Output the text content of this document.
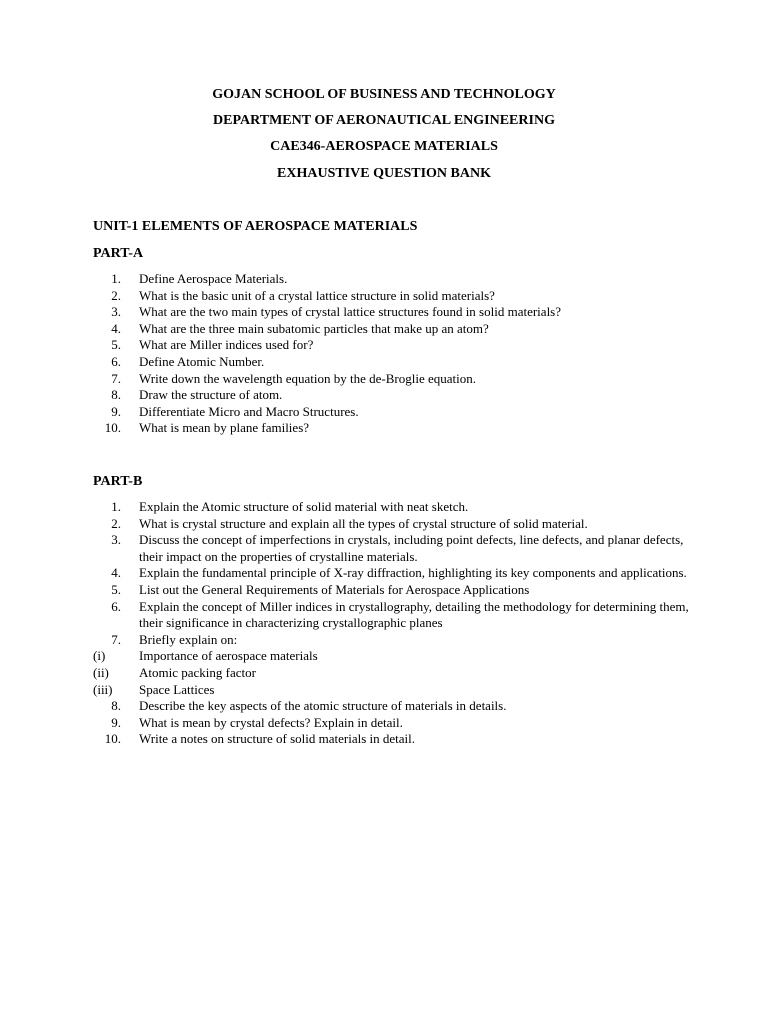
GOJAN SCHOOL OF BUSINESS AND TECHNOLOGY
DEPARTMENT OF AERONAUTICAL ENGINEERING
CAE346-AEROSPACE MATERIALS
EXHAUSTIVE QUESTION BANK
UNIT-1 ELEMENTS OF AEROSPACE MATERIALS
PART-A
1.	Define Aerospace Materials.
2.	What is the basic unit of a crystal lattice structure in solid materials?
3.	What are the two main types of crystal lattice structures found in solid materials?
4.	What are the three main subatomic particles that make up an atom?
5.	What are Miller indices used for?
6.	Define Atomic Number.
7.	Write down the wavelength equation by the de-Broglie equation.
8.	Draw the structure of atom.
9.	Differentiate Micro and Macro Structures.
10.	What is mean by plane families?
PART-B
1.	Explain the Atomic structure of solid material with neat sketch.
2.	What is crystal structure and explain all the types of crystal structure of solid material.
3.	Discuss the concept of imperfections in crystals, including point defects, line defects, and planar defects, their impact on the properties of crystalline materials.
4.	Explain the fundamental principle of X-ray diffraction, highlighting its key components and applications.
5.	List out the General Requirements of Materials for Aerospace Applications
6.	Explain the concept of Miller indices in crystallography, detailing the methodology for determining them, their significance in characterizing crystallographic planes
7.	Briefly explain on:
(i)	Importance of aerospace materials
(ii)	Atomic packing factor
(iii)	Space Lattices
8.	Describe the key aspects of the atomic structure of materials in details.
9.	What is mean by crystal defects? Explain in detail.
10.	Write a notes on structure of solid materials in detail.
